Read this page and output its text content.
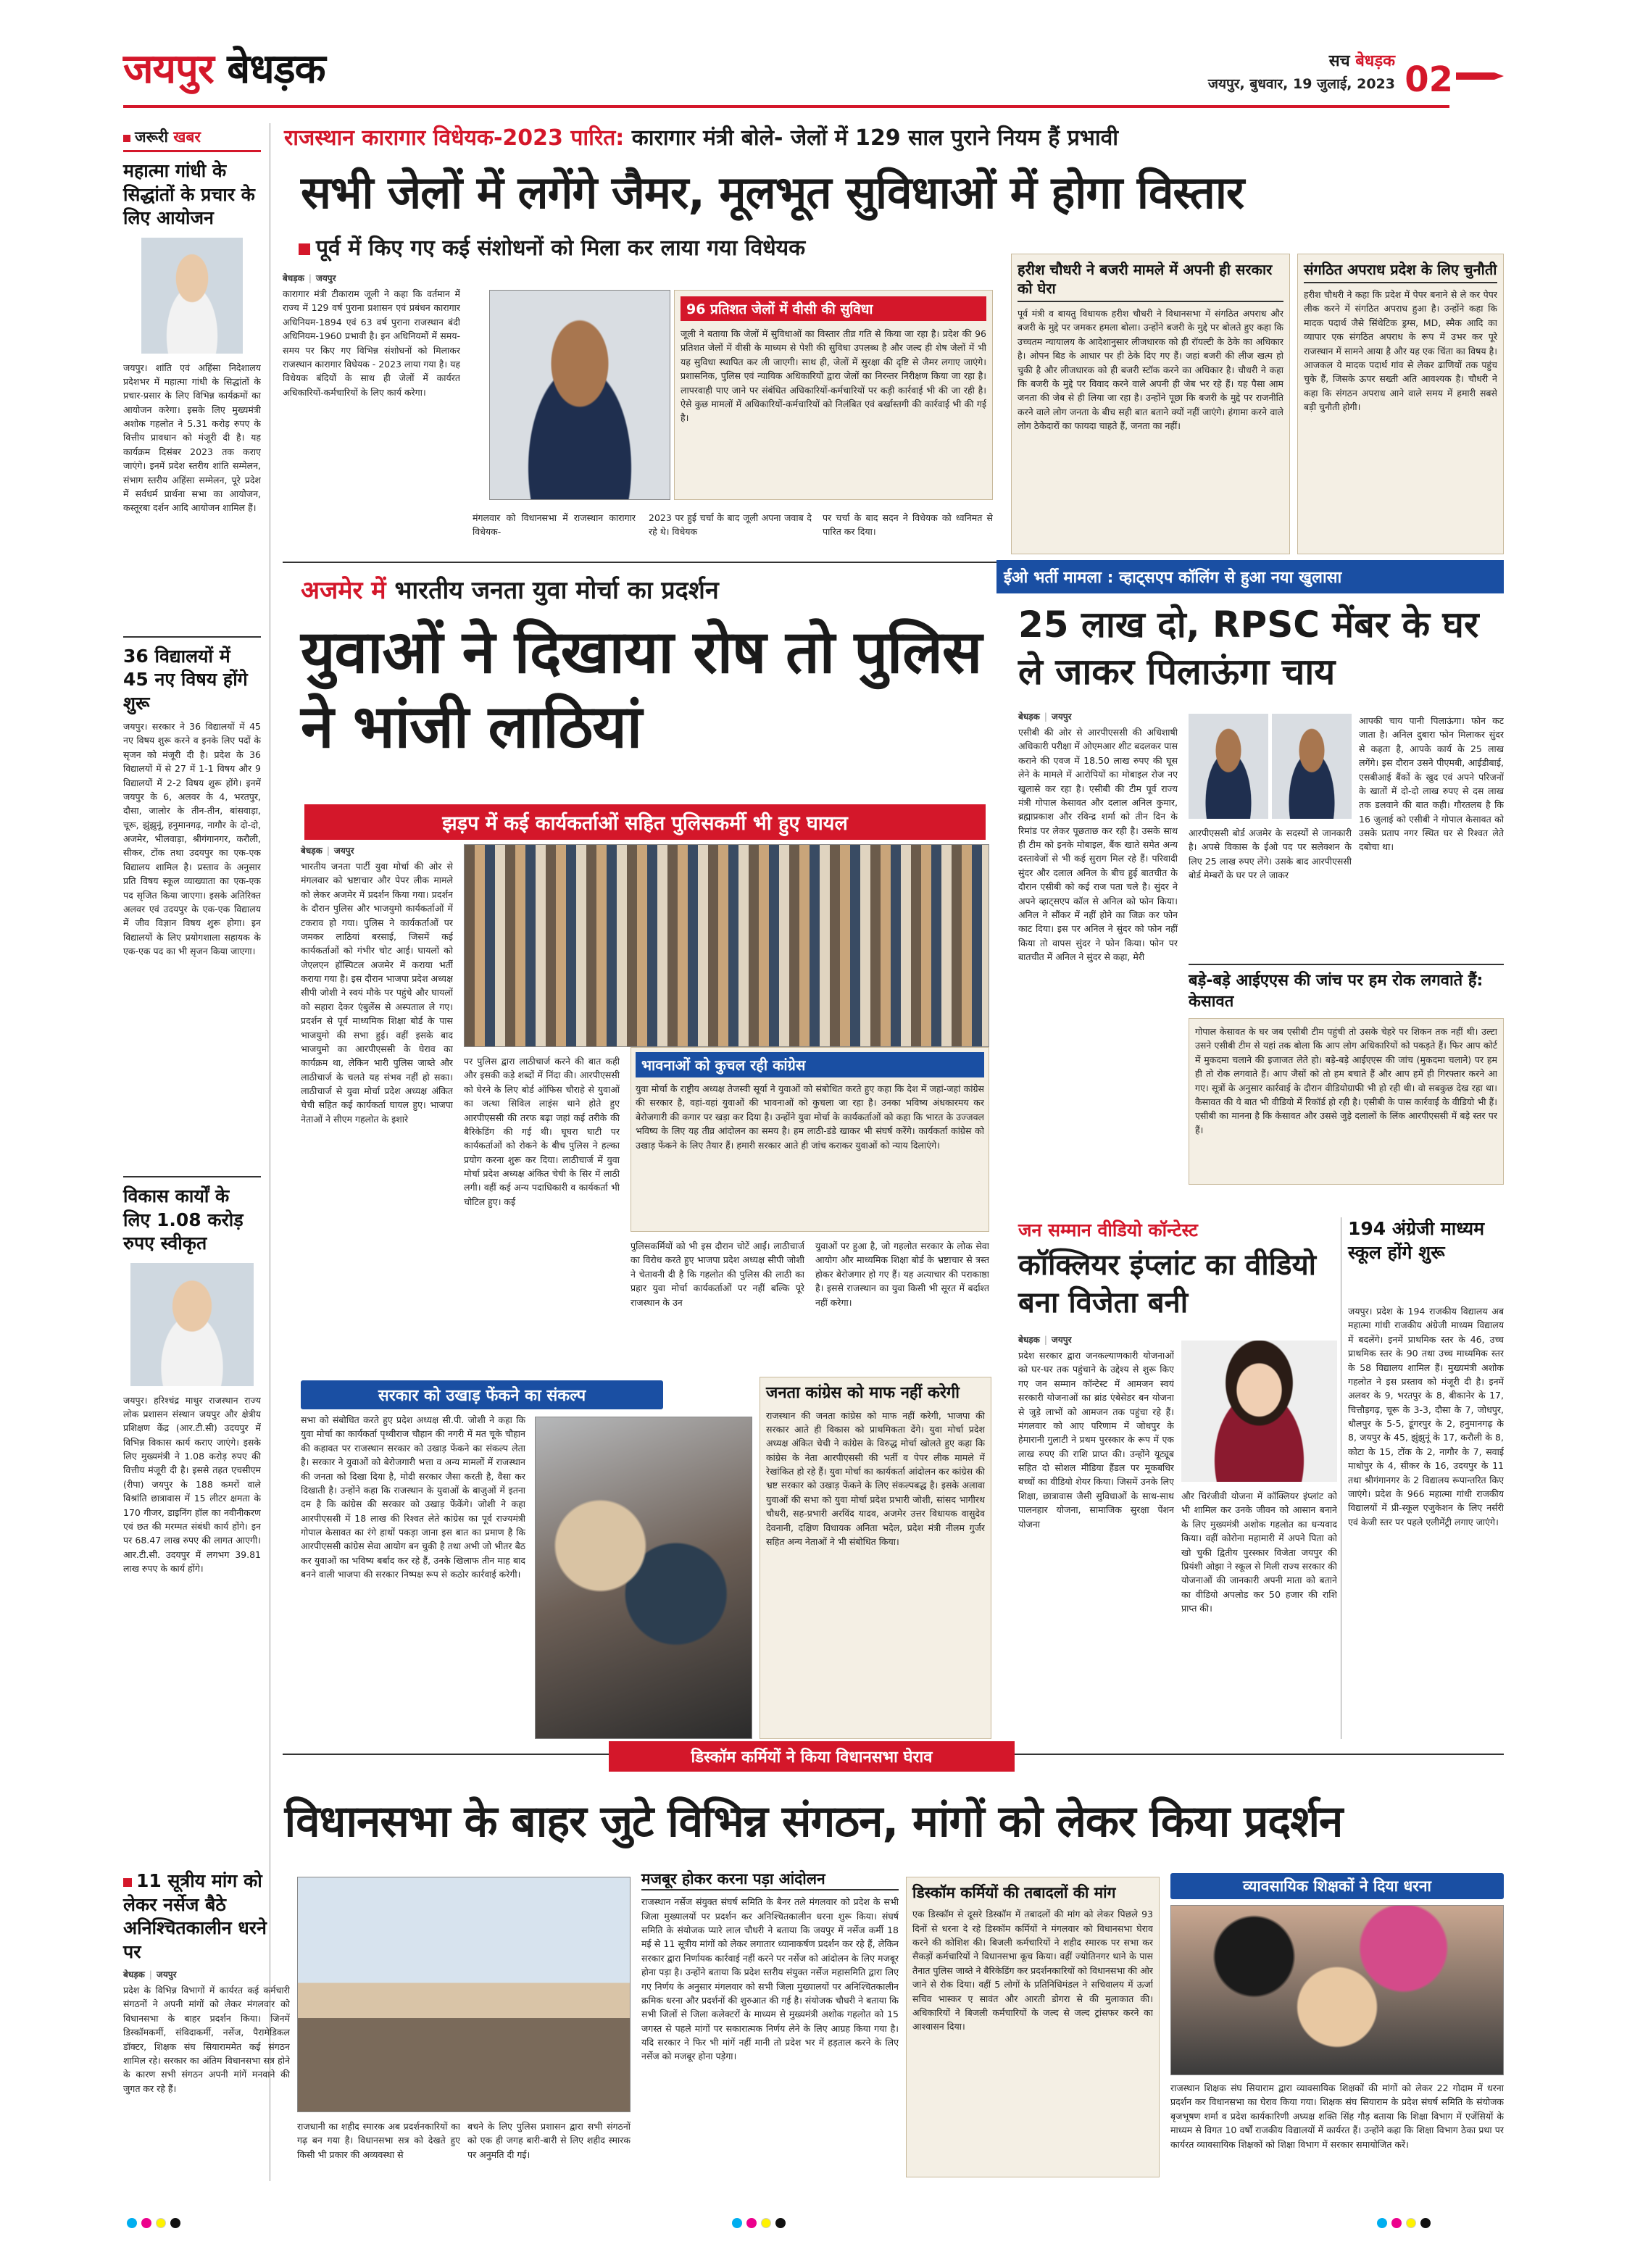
जयपुर बेधड़क	सच बेधड़क
जयपुर, बुधवार, 19 जुलाई, 2023 02
जरूरी खबर
महात्मा गांधी के सिद्धांतों के प्रचार के लिए आयोजन
जयपुर। शांति एवं अहिंसा निदेशालय प्रदेशभर में महात्मा गांधी के सिद्धांतों के प्रचार-प्रसार के लिए विभिन्न कार्यक्रमों का आयोजन करेगा। इसके लिए मुख्यमंत्री अशोक गहलोत ने 5.31 करोड़ रुपए के वित्तीय प्रावधान को मंजूरी दी है। यह कार्यक्रम दिसंबर 2023 तक कराए जाएंगे। इनमें प्रदेश स्तरीय शांति सम्मेलन, संभाग स्तरीय अहिंसा सम्मेलन, पूरे प्रदेश में सर्वधर्म प्रार्थना सभा का आयोजन, कस्तूरबा दर्शन आदि आयोजन शामिल हैं।
36 विद्यालयों में 45 नए विषय होंगे शुरू
जयपुर। सरकार ने 36 विद्यालयों में 45 नए विषय शुरू करने व इनके लिए पदों के सृजन को मंजूरी दी है। प्रदेश के 36 विद्यालयों में से 27 में 1-1 विषय और 9 विद्यालयों में 2-2 विषय शुरू होंगे। इनमें जयपुर के 6, अलवर के 4, भरतपुर, दौसा, जालोर के तीन-तीन, बांसवाड़ा, चूरू, झुंझुनूं, हनुमानगढ़, नागौर के दो-दो, अजमेर, भीलवाड़ा, श्रीगंगानगर, करौली, सीकर, टोंक तथा उदयपुर का एक-एक विद्यालय शामिल है। प्रस्ताव के अनुसार प्रति विषय स्कूल व्याख्याता का एक-एक पद सृजित किया जाएगा। इसके अतिरिक्त अलवर एवं उदयपुर के एक-एक विद्यालय में जीव विज्ञान विषय शुरू होगा। इन विद्यालयों के लिए प्रयोगशाला सहायक के एक-एक पद का भी सृजन किया जाएगा।
विकास कार्यों के लिए 1.08 करोड़ रुपए स्वीकृत
जयपुर। हरिश्चंद्र माथुर राजस्थान राज्य लोक प्रशासन संस्थान जयपुर और क्षेत्रीय प्रशिक्षण केंद्र (आर.टी.सी) उदयपुर में विभिन्न विकास कार्य कराए जाएंगे। इसके लिए मुख्यमंत्री ने 1.08 करोड़ रुपए की वित्तीय मंजूरी दी है। इससे तहत एचसीएम (रीपा) जयपुर के 188 कमरों वाले विश्रांति छात्रावास में 15 लीटर क्षमता के 170 गीजर, डाइनिंग हॉल का नवीनीकरण एवं छत की मरम्मत संबंधी कार्य होंगे। इन पर 68.47 लाख रुपए की लागत आएगी। आर.टी.सी. उदयपुर में लगभग 39.81 लाख रुपए के कार्य होंगे।
राजस्थान कारागार विधेयक-2023 पारित: कारागार मंत्री बोले- जेलों में 129 साल पुराने नियम हैं प्रभावी
सभी जेलों में लगेंगे जैमर, मूलभूत सुविधाओं में होगा विस्तार
पूर्व में किए गए कई संशोधनों को मिला कर लाया गया विधेयक
बेधड़क | जयपुर
कारागार मंत्री टीकाराम जूली ने कहा कि वर्तमान में राज्य में 129 वर्ष पुराना प्रशासन एवं प्रबंधन कारागार अधिनियम-1894 एवं 63 वर्ष पुराना राजस्थान बंदी अधिनियम-1960 प्रभावी है। इन अधिनियमों में समय-समय पर किए गए विभिन्न संशोधनों को मिलाकर राजस्थान कारागार विधेयक - 2023 लाया गया है। यह विधेयक बंदियों के साथ ही जेलों में कार्यरत अधिकारियों-कर्मचारियों के लिए कार्य करेगा।
96 प्रतिशत जेलों में वीसी की सुविधा
जूली ने बताया कि जेलों में सुविधाओं का विस्तार तीव्र गति से किया जा रहा है। प्रदेश की 96 प्रतिशत जेलों में वीसी के माध्यम से पेशी की सुविधा उपलब्ध है और जल्द ही शेष जेलों में भी यह सुविधा स्थापित कर ली जाएगी। साथ ही, जेलों में सुरक्षा की दृष्टि से जैमर लगाए जाएंगे। प्रशासनिक, पुलिस एवं न्यायिक अधिकारियों द्वारा जेलों का निरन्तर निरीक्षण किया जा रहा है। लापरवाही पाए जाने पर संबंधित अधिकारियों-कर्मचारियों पर कड़ी कार्रवाई भी की जा रही है। ऐसे कुछ मामलों में अधिकारियों-कर्मचारियों को निलंबित एवं बर्खास्तगी की कार्रवाई भी की गई है।
मंगलवार को विधानसभा में राजस्थान कारागार विधेयक-
2023 पर हुई चर्चा के बाद जूली अपना जवाब दे रहे थे। विधेयक
पर चर्चा के बाद सदन ने विधेयक को ध्वनिमत से पारित कर दिया।
हरीश चौधरी ने बजरी मामले में अपनी ही सरकार को घेरा
पूर्व मंत्री व बायतु विधायक हरीश चौधरी ने विधानसभा में संगठित अपराध और बजरी के मुद्दे पर जमकर हमला बोला। उन्होंने बजरी के मुद्दे पर बोलते हुए कहा कि उच्चतम न्यायालय के आदेशानुसार लीजधारक को ही रॉयल्टी के ठेके का अधिकार है। ओपन बिड के आधार पर ही ठेके दिए गए हैं। जहां बजरी की लीज खत्म हो चुकी है और लीजधारक को ही बजरी स्टॉक करने का अधिकार है। चौधरी ने कहा कि बजरी के मुद्दे पर विवाद करने वाले अपनी ही जेब भर रहे हैं। यह पैसा आम जनता की जेब से ही लिया जा रहा है। उन्होंने पूछा कि बजरी के मुद्दे पर राजनीति करने वाले लोग जनता के बीच सही बात बताने क्यों नहीं जाएंगे। हंगामा करने वाले लोग ठेकेदारों का फायदा चाहते हैं, जनता का नहीं।
संगठित अपराध प्रदेश के लिए चुनौती
हरीश चौधरी ने कहा कि प्रदेश में पेपर बनाने से ले कर पेपर लीक करने में संगठित अपराध हुआ है। उन्होंने कहा कि मादक पदार्थ जैसे सिंथेटिक ड्रग्स, MD, स्मैक आदि का व्यापार एक संगठित अपराध के रूप में उभर कर पूरे राजस्थान में सामने आया है और यह एक चिंता का विषय है। आजकल ये मादक पदार्थ गांव से लेकर ढाणियों तक पहुंच चुके हैं, जिसके ऊपर सख्ती अति आवश्यक है। चौधरी ने कहा कि संगठन अपराध आने वाले समय में हमारी सबसे बड़ी चुनौती होगी।
अजमेर में भारतीय जनता युवा मोर्चा का प्रदर्शन
युवाओं ने दिखाया रोष तो पुलिस ने भांजी लाठियां
झड़प में कई कार्यकर्ताओं सहित पुलिसकर्मी भी हुए घायल
बेधड़क | जयपुर
भारतीय जनता पार्टी युवा मोर्चा की ओर से मंगलवार को भ्रष्टाचार और पेपर लीक मामले को लेकर अजमेर में प्रदर्शन किया गया। प्रदर्शन के दौरान पुलिस और भाजयुमो कार्यकर्ताओं में टकराव हो गया। पुलिस ने कार्यकर्ताओं पर जमकर लाठियां बरसाई, जिसमें कई कार्यकर्ताओं को गंभीर चोट आई। घायलों को जेएलएन हॉस्पिटल अजमेर में कराया भर्ती कराया गया है। इस दौरान भाजपा प्रदेश अध्यक्ष सीपी जोशी ने स्वयं मौके पर पहुंचे और घायलों को सहारा देकर एंबुलेंस से अस्पताल ले गए। प्रदर्शन से पूर्व माध्यमिक शिक्षा बोर्ड के पास भाजयुमो की सभा हुई। वहीं इसके बाद भाजयुमो का आरपीएससी के घेराव का कार्यक्रम था, लेकिन भारी पुलिस जाब्ते और लाठीचार्ज के चलते यह संभव नहीं हो सका। लाठीचार्ज से युवा मोर्चा प्रदेश अध्यक्ष अंकित चेची सहित कई कार्यकर्ता घायल हुए। भाजपा नेताओं ने सीएम गहलोत के इशारे
पर पुलिस द्वारा लाठीचार्ज करने की बात कही और इसकी कड़े शब्दों में निंदा की। आरपीएससी को घेरने के लिए बोर्ड ऑफिस चौराहे से युवाओं का जत्था सिविल लाइंस थाने होते हुए आरपीएससी की तरफ बढ़ा जहां कई तरीके की बैरिकेडिंग की गई थी। घूघरा घाटी पर कार्यकर्ताओं को रोकने के बीच पुलिस ने हल्का प्रयोग करना शुरू कर दिया। लाठीचार्ज में युवा मोर्चा प्रदेश अध्यक्ष अंकित चेची के सिर में लाठी लगी। वहीं कई अन्य पदाधिकारी व कार्यकर्ता भी चोटिल हुए। कई
भावनाओं को कुचल रही कांग्रेस
युवा मोर्चा के राष्ट्रीय अध्यक्ष तेजस्वी सूर्या ने युवाओं को संबोधित करते हुए कहा कि देश में जहां-जहां कांग्रेस की सरकार है, वहां-वहां युवाओं की भावनाओं को कुचला जा रहा है। उनका भविष्य अंधकारमय कर बेरोजगारी की कगार पर खड़ा कर दिया है। उन्होंने युवा मोर्चा के कार्यकर्ताओं को कहा कि भारत के उज्जवल भविष्य के लिए यह तीव्र आंदोलन का समय है। हम लाठी-डंडे खाकर भी संघर्ष करेंगे। कार्यकर्ता कांग्रेस को उखाड़ फेंकने के लिए तैयार हैं। हमारी सरकार आते ही जांच कराकर युवाओं को न्याय दिलाएंगे।
पुलिसकर्मियों को भी इस दौरान चोटें आईं। लाठीचार्ज का विरोध करते हुए भाजपा प्रदेश अध्यक्ष सीपी जोशी ने चेतावनी दी है कि गहलोत की पुलिस की लाठी का प्रहार युवा मोर्चा कार्यकर्ताओं पर नहीं बल्कि पूरे राजस्थान के उन
युवाओं पर हुआ है, जो गहलोत सरकार के लोक सेवा आयोग और माध्यमिक शिक्षा बोर्ड के भ्रष्टाचार से त्रस्त होकर बेरोजगार हो गए हैं। यह अत्याचार की पराकाष्ठा है। इससे राजस्थान का युवा किसी भी सूरत में बर्दाश्त नहीं करेगा।
सरकार को उखाड़ फेंकने का संकल्प
सभा को संबोधित करते हुए प्रदेश अध्यक्ष सी.पी. जोशी ने कहा कि युवा मोर्चा का कार्यकर्ता पृथ्वीराज चौहान की नगरी में मत चूके चौहान की कहावत पर राजस्थान सरकार को उखाड़ फेंकने का संकल्प लेता है। सरकार ने युवाओं को बेरोजगारी भत्ता व अन्य मामलों में राजस्थान की जनता को दिखा दिया है, मोदी सरकार जैसा करती है, वैसा कर दिखाती है। उन्होंने कहा कि राजस्थान के युवाओं के बाजुओं में इतना दम है कि कांग्रेस की सरकार को उखाड़ फेंकेंगे। जोशी ने कहा आरपीएससी में 18 लाख की रिश्वत लेते कांग्रेस का पूर्व राज्यमंत्री गोपाल केसावत का रंगे हाथों पकड़ा जाना इस बात का प्रमाण है कि आरपीएससी कांग्रेस सेवा आयोग बन चुकी है तथा अभी जो भीतर बैठ कर युवाओं का भविष्य बर्बाद कर रहे हैं, उनके खिलाफ तीन माह बाद बनने वाली भाजपा की सरकार निष्पक्ष रूप से कठोर कार्रवाई करेगी।
जनता कांग्रेस को माफ नहीं करेगी
राजस्थान की जनता कांग्रेस को माफ नहीं करेगी, भाजपा की सरकार आते ही विकास को प्राथमिकता देंगे। युवा मोर्चा प्रदेश अध्यक्ष अंकित चेची ने कांग्रेस के विरुद्ध मोर्चा खोलते हुए कहा कि कांग्रेस के नेता आरपीएससी की भर्ती व पेपर लीक मामले में रेखांकित हो रहे हैं। युवा मोर्चा का कार्यकर्ता आंदोलन कर कांग्रेस की भ्रष्ट सरकार को उखाड़ फेंकने के लिए संकल्पबद्ध है। इसके अलावा युवाओं की सभा को युवा मोर्चा प्रदेश प्रभारी जोशी, सांसद भागीरथ चौधरी, सह-प्रभारी अरविंद यादव, अजमेर उत्तर विधायक वासुदेव देवनानी, दक्षिण विधायक अनिता भदेल, प्रदेश मंत्री नीलम गुर्जर सहित अन्य नेताओं ने भी संबोधित किया।
ईओ भर्ती मामला : व्हाट्सएप कॉलिंग से हुआ नया खुलासा
25 लाख दो, RPSC मेंबर के घर ले जाकर पिलाऊंगा चाय
बेधड़क | जयपुर
एसीबी की ओर से आरपीएससी की अधिशाषी अधिकारी परीक्षा में ओएमआर शीट बदलकर पास कराने की एवज में 18.50 लाख रुपए की घूस लेने के मामले में आरोपियों का मोबाइल रोज नए खुलासे कर रहा है। एसीबी की टीम पूर्व राज्य मंत्री गोपाल केसावत और दलाल अनिल कुमार, ब्रह्माप्रकाश और रविन्द्र शर्मा को तीन दिन के रिमांड पर लेकर पूछताछ कर रही है। उसके साथ ही टीम को इनके मोबाइल, बैंक खाते समेत अन्य दस्तावेजों से भी कई सुराग मिल रहे हैं। परिवादी सुंदर और दलाल अनिल के बीच हुई बातचीत के दौरान एसीबी को कई राज पता चले है। सुंदर ने अपने व्हाट्सएप कॉल से अनिल को फोन किया। अनिल ने सौंकर में नहीं होने का जिक्र कर फोन काट दिया। इस पर अनिल ने सुंदर को फोन नहीं किया तो वापस सुंदर ने फोन किया। फोन पर बातचीत में अनिल ने सुंदर से कहा, मेरी
आरपीएससी बोर्ड अजमेर के सदस्यों से जानकारी है। अपसे विकास के ईओ पद पर सलेक्शन के लिए 25 लाख रुपए लेंगे। उसके बाद आरपीएससी बोर्ड मेम्बरों के घर पर ले जाकर
आपकी चाय पानी पिलाऊंगा। फोन कट जाता है। अनिल दुबारा फोन मिलाकर सुंदर से कहता है, आपके कार्य के 25 लाख लगेंगे। इस दौरान उसने पीएमबी, आईडीबाई, एसबीआई बैंकों के खुद एवं अपने परिजनों के खातों में दो-दो लाख रुपए से दस लाख तक डलवाने की बात कही। गौरतलब है कि 16 जुलाई को एसीबी ने गोपाल केसावत को उसके प्रताप नगर स्थित घर से रिश्वत लेते दबोचा था।
बड़े-बड़े आईएएस की जांच पर हम रोक लगवाते हैं: केसावत
गोपाल केसावत के घर जब एसीबी टीम पहुंची तो उसके चेहरे पर शिकन तक नहीं थी। उल्टा उसने एसीबी टीम से यहां तक बोला कि आप लोग अधिकारियों को पकड़ते हैं। फिर आप कोर्ट में मुकदमा चलाने की इजाजत लेते हो। बड़े-बड़े आईएएस की जांच (मुकदमा चलाने) पर हम ही तो रोक लगवाते हैं। आप जैसों को तो हम बचाते हैं और आप हमें ही गिरफ्तार करने आ गए। सूत्रों के अनुसार कार्रवाई के दौरान वीडियोग्राफी भी हो रही थी। वो सबकुछ देख रहा था। कैसावत की ये बात भी वीडियो में रिकॉर्ड हो रही है। एसीबी के पास कार्रवाई के वीडियो भी हैं। एसीबी का मानना है कि केसावत और उससे जुड़े दलालों के लिंक आरपीएससी में बड़े स्तर पर हैं।
जन सम्मान वीडियो कॉन्टेस्ट
कॉक्लियर इंप्लांट का वीडियो बना विजेता बनी
बेधड़क | जयपुर
प्रदेश सरकार द्वारा जनकल्याणकारी योजनाओं को घर-घर तक पहुंचाने के उद्देश्य से शुरू किए गए जन सम्मान कॉन्टेस्ट में आमजन स्वयं सरकारी योजनाओं का ब्रांड एंबेसेडर बन योजना से जुड़े लाभों को आमजन तक पहुंचा रहे हैं। मंगलवार को आए परिणाम में जोधपुर के हेमारानी गुलाटी ने प्रथम पुरस्कार के रूप में एक लाख रुपए की राशि प्राप्त की। उन्होंने यूट्यूब सहित दो सोशल मीडिया हैंडल पर मूकबधिर बच्चों का वीडियो शेयर किया। जिसमें उनके लिए शिक्षा, छात्रावास जैसी सुविधाओं के साथ-साथ पालनहार योजना, सामाजिक सुरक्षा पेंशन योजना
और चिरंजीवी योजना में कॉक्लियर इंप्लांट को भी शामिल कर उनके जीवन को आसान बनाने के लिए मुख्यमंत्री अशोक गहलोत का धन्यवाद किया। वहीं कोरोना महामारी में अपने पिता को खो चुकी द्वितीय पुरस्कार विजेता जयपुर की प्रियंशी ओझा ने स्कूल से मिली राज्य सरकार की योजनाओं की जानकारी अपनी माता को बताने का वीडियो अपलोड कर 50 हजार की राशि प्राप्त की।
194 अंग्रेजी माध्यम स्कूल होंगे शुरू
जयपुर। प्रदेश के 194 राजकीय विद्यालय अब महात्मा गांधी राजकीय अंग्रेजी माध्यम विद्यालय में बदलेंगे। इनमें प्राथमिक स्तर के 46, उच्च प्राथमिक स्तर के 90 तथा उच्च माध्यमिक स्तर के 58 विद्यालय शामिल हैं। मुख्यमंत्री अशोक गहलोत ने इस प्रस्ताव को मंजूरी दी है। इनमें अलवर के 9, भरतपुर के 8, बीकानेर के 17, चित्तौड़गढ़, चूरू के 3-3, दौसा के 7, जोधपुर, धौलपुर के 5-5, डूंगरपुर के 2, हनुमानगढ़ के 8, जयपुर के 45, झुंझुनूं के 17, करौली के 8, कोटा के 15, टोंक के 2, नागौर के 7, सवाई माधोपुर के 4, सीकर के 16, उदयपुर के 11 तथा श्रीगंगानगर के 2 विद्यालय रूपान्तरित किए जाएंगे। प्रदेश के 966 महात्मा गांधी राजकीय विद्यालयों में प्री-स्कूल एजुकेशन के लिए नर्सरी एवं केजी स्तर पर पहले एलीमेंट्री लगाए जाएंगे।
डिस्कॉम कर्मियों ने किया विधानसभा घेराव
विधानसभा के बाहर जुटे विभिन्न संगठन, मांगों को लेकर किया प्रदर्शन
11 सूत्रीय मांग को लेकर नर्सेज बैठे अनिश्चितकालीन धरने पर
बेधड़क | जयपुर
प्रदेश के विभिन्न विभागों में कार्यरत कई कर्मचारी संगठनों ने अपनी मांगों को लेकर मंगलवार को विधानसभा के बाहर प्रदर्शन किया। जिनमें डिस्कॉमकर्मी, संविदाकर्मी, नर्सेज, पैरामेडिकल डॉक्टर, शिक्षक संघ सियाराममेत कई संगठन शामिल रहे। सरकार का अंतिम विधानसभा सत्र होने के कारण सभी संगठन अपनी मांगें मनवाने की जुगत कर रहे हैं।
राजधानी का शहीद स्मारक अब प्रदर्शनकारियों का गढ़ बन गया है। विधानसभा सत्र को देखते हुए किसी भी प्रकार की अव्यवस्था से
बचने के लिए पुलिस प्रशासन द्वारा सभी संगठनों को एक ही जगह बारी-बारी से लिए शहीद स्मारक पर अनुमति दी गई।
मजबूर होकर करना पड़ा आंदोलन
राजस्थान नर्सेज संयुक्त संघर्ष समिति के बैनर तले मंगलवार को प्रदेश के सभी जिला मुख्यालयों पर प्रदर्शन कर अनिश्चितकालीन धरना शुरू किया। संघर्ष समिति के संयोजक प्यारे लाल चौधरी ने बताया कि जयपुर में नर्सेज कर्मी 18 मई से 11 सूत्रीय मांगों को लेकर लगातार ध्यानाकर्षण प्रदर्शन कर रहे हैं, लेकिन सरकार द्वारा निर्णायक कार्रवाई नहीं करने पर नर्सेज को आंदोलन के लिए मजबूर होना पड़ा है। उन्होंने बताया कि प्रदेश स्तरीय संयुक्त नर्सेज महासमिति द्वारा लिए गए निर्णय के अनुसार मंगलवार को सभी जिला मुख्यालयों पर अनिश्चितकालीन क्रमिक धरना और प्रदर्शनों की शुरुआत की गई है। संयोजक चौधरी ने बताया कि सभी जिलों से जिला कलेक्टरों के माध्यम से मुख्यमंत्री अशोक गहलोत को 15 जगस्त से पहले मांगों पर सकारात्मक निर्णय लेने के लिए आग्रह किया गया है। यदि सरकार ने फिर भी मांगें नहीं मानी तो प्रदेश भर में हड़ताल करने के लिए नर्सेज को मजबूर होना पड़ेगा।
डिस्कॉम कर्मियों की तबादलों की मांग
एक डिस्कॉम से दूसरे डिस्कॉम में तबादलों की मांग को लेकर पिछले 93 दिनों से धरना दे रहे डिस्कॉम कर्मियों ने मंगलवार को विधानसभा घेराव करने की कोशिश की। बिजली कर्मचारियों ने शहीद स्मारक पर सभा कर सैकड़ों कर्मचारियों ने विधानसभा कूच किया। वहीं ज्योतिनगर थाने के पास तैनात पुलिस जाब्ते ने बैरिकेडिंग कर प्रदर्शनकारियों को विधानसभा की ओर जाने से रोक दिया। वहीं 5 लोगों के प्रतिनिधिमंडल ने सचिवालय में ऊर्जा सचिव भास्कर ए सावंत और आरती डोगरा से की मुलाकात की। अधिकारियों ने बिजली कर्मचारियों के जल्द से जल्द ट्रांसफर करने का आश्वासन दिया।
व्यावसायिक शिक्षकों ने दिया धरना
राजस्थान शिक्षक संघ सियाराम द्वारा व्यावसायिक शिक्षकों की मांगों को लेकर 22 गोदाम में धरना प्रदर्शन कर विधानसभा का घेराव किया गया। शिक्षक संघ सियाराम के प्रदेश संघर्ष समिति के संयोजक बृजभूषण शर्मा व प्रदेश कार्यकारिणी अध्यक्ष शक्ति सिंह गौड़ बताया कि शिक्षा विभाग में एजेंसियों के माध्यम से विगत 10 वर्षों राजकीय विद्यालयों में कार्यरत हैं। उन्होंने कहा कि शिक्षा विभाग ठेका प्रथा पर कार्यरत व्यावसायिक शिक्षकों को शिक्षा विभाग में सरकार समायोजित करें।
